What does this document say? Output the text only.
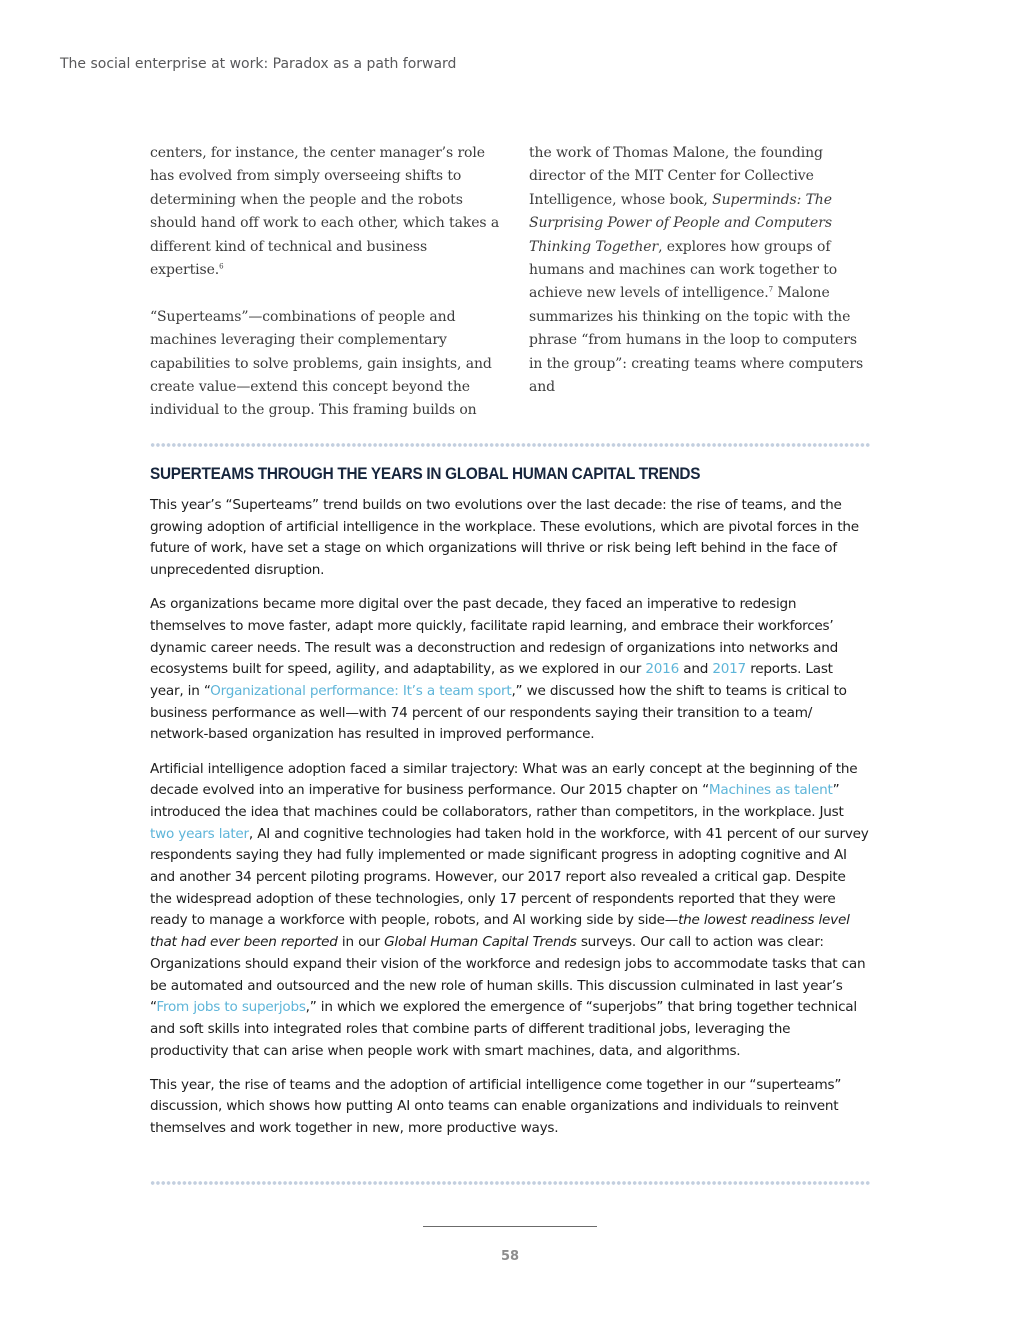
The social enterprise at work: Paradox as a path forward

centers, for instance, the center manager’s role has evolved from simply overseeing shifts to determining when the people and the robots should hand off work to each other, which takes a different kind of technical and business expertise.$^6$

“Superteams”—combinations of people and machines leveraging their complementary capabilities to solve problems, gain insights, and create value—extend this concept beyond the individual to the group. This framing builds on

the work of Thomas Malone, the founding director of the MIT Center for Collective Intelligence, whose book, Superminds: The Surprising Power of People and Computers Thinking Together, explores how groups of humans and machines can work together to achieve new levels of intelligence.$^7$ Malone summarizes his thinking on the topic with the phrase “from humans in the loop to computers in the group”: creating teams where computers and

SUPERTEAMS THROUGH THE YEARS IN GLOBAL HUMAN CAPITAL TRENDS

This year’s “Superteams” trend builds on two evolutions over the last decade: the rise of teams, and the growing adoption of artificial intelligence in the workplace. These evolutions, which are pivotal forces in the future of work, have set a stage on which organizations will thrive or risk being left behind in the face of unprecedented disruption.

As organizations became more digital over the past decade, they faced an imperative to redesign themselves to move faster, adapt more quickly, facilitate rapid learning, and embrace their workforces’ dynamic career needs. The result was a deconstruction and redesign of organizations into networks and ecosystems built for speed, agility, and adaptability, as we explored in our 2016 and 2017 reports. Last year, in “Organizational performance: It’s a team sport,” we discussed how the shift to teams is critical to business performance as well—with 74 percent of our respondents saying their transition to a team/ network-based organization has resulted in improved performance.

Artificial intelligence adoption faced a similar trajectory: What was an early concept at the beginning of the decade evolved into an imperative for business performance. Our 2015 chapter on “Machines as talent” introduced the idea that machines could be collaborators, rather than competitors, in the workplace. Just two years later, AI and cognitive technologies had taken hold in the workforce, with 41 percent of our survey respondents saying they had fully implemented or made significant progress in adopting cognitive and AI and another 34 percent piloting programs. However, our 2017 report also revealed a critical gap. Despite the widespread adoption of these technologies, only 17 percent of respondents reported that they were ready to manage a workforce with people, robots, and AI working side by side—the lowest readiness level that had ever been reported in our Global Human Capital Trends surveys. Our call to action was clear: Organizations should expand their vision of the workforce and redesign jobs to accommodate tasks that can be automated and outsourced and the new role of human skills. This discussion culminated in last year’s “From jobs to superjobs,” in which we explored the emergence of “superjobs” that bring together technical and soft skills into integrated roles that combine parts of different traditional jobs, leveraging the productivity that can arise when people work with smart machines, data, and algorithms.

This year, the rise of teams and the adoption of artificial intelligence come together in our “superteams” discussion, which shows how putting AI onto teams can enable organizations and individuals to reinvent themselves and work together in new, more productive ways.

58
